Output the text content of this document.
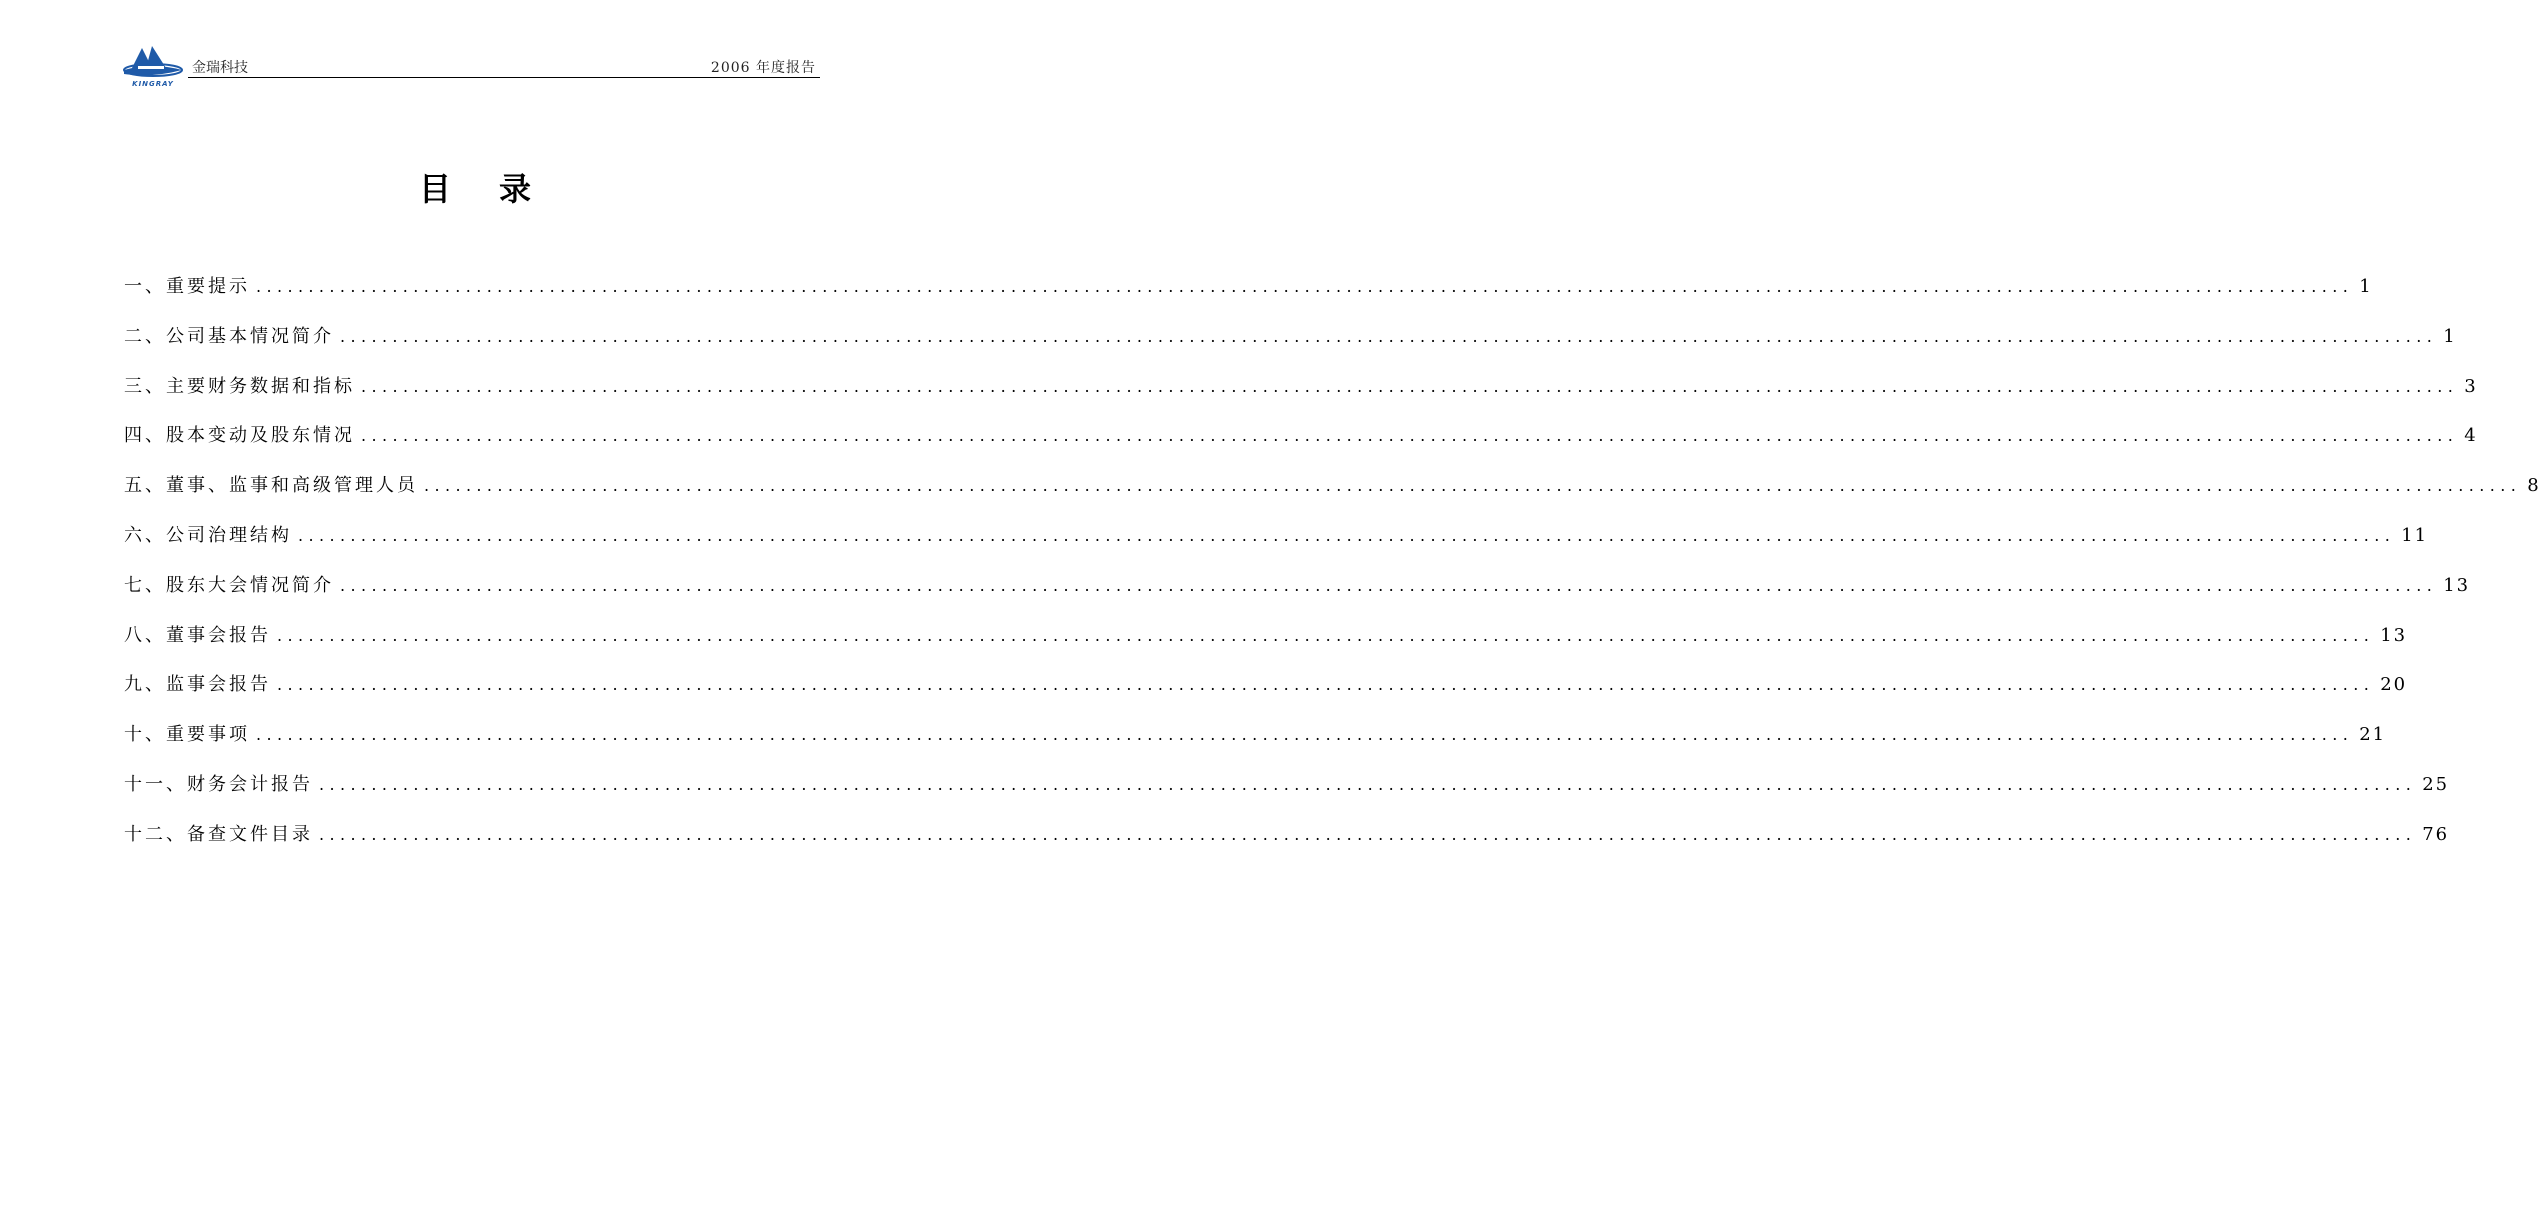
KINGRAY
金瑞科技	2006 年度报告
目 录
一、重要提示 ........................................................................................................................................................................................................ 1
二、公司基本情况简介 ........................................................................................................................................................................................................ 1
三、主要财务数据和指标 ........................................................................................................................................................................................................ 3
四、股本变动及股东情况 ........................................................................................................................................................................................................ 4
五、董事、监事和高级管理人员 ........................................................................................................................................................................................................ 8
六、公司治理结构 ........................................................................................................................................................................................................ 11
七、股东大会情况简介 ........................................................................................................................................................................................................ 13
八、董事会报告 ........................................................................................................................................................................................................ 13
九、监事会报告 ........................................................................................................................................................................................................ 20
十、重要事项 ........................................................................................................................................................................................................ 21
十一、财务会计报告 ........................................................................................................................................................................................................ 25
十二、备查文件目录 ........................................................................................................................................................................................................ 76
